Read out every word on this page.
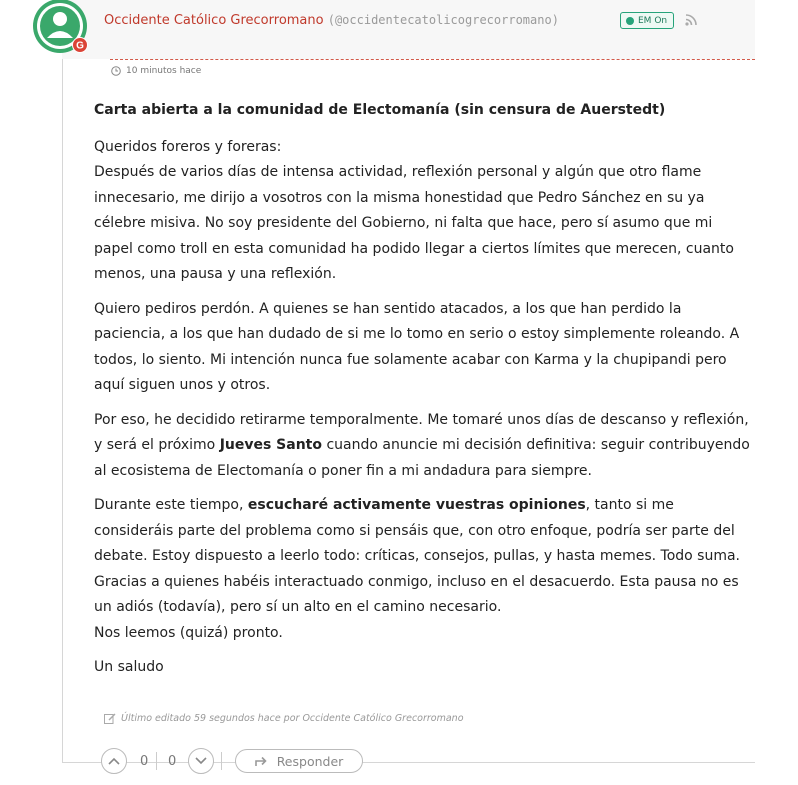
G
Occidente Católico Grecorromano (@occidentecatolicogrecorromano)	EM On
10 minutos hace

Carta abierta a la comunidad de Electomanía (sin censura de Auerstedt)

Queridos foreros y foreras:
Después de varios días de intensa actividad, reflexión personal y algún que otro flame innecesario, me dirijo a vosotros con la misma honestidad que Pedro Sánchez en su ya célebre misiva. No soy presidente del Gobierno, ni falta que hace, pero sí asumo que mi papel como troll en esta comunidad ha podido llegar a ciertos límites que merecen, cuanto menos, una pausa y una reflexión.

Quiero pediros perdón. A quienes se han sentido atacados, a los que han perdido la paciencia, a los que han dudado de si me lo tomo en serio o estoy simplemente roleando. A todos, lo siento. Mi intención nunca fue solamente acabar con Karma y la chupipandi pero aquí siguen unos y otros.

Por eso, he decidido retirarme temporalmente. Me tomaré unos días de descanso y reflexión, y será el próximo Jueves Santo cuando anuncie mi decisión definitiva: seguir contribuyendo al ecosistema de Electomanía o poner fin a mi andadura para siempre.

Durante este tiempo, escucharé activamente vuestras opiniones, tanto si me consideráis parte del problema como si pensáis que, con otro enfoque, podría ser parte del debate. Estoy dispuesto a leerlo todo: críticas, consejos, pullas, y hasta memes. Todo suma.
Gracias a quienes habéis interactuado conmigo, incluso en el desacuerdo. Esta pausa no es un adiós (todavía), pero sí un alto en el camino necesario.
Nos leemos (quizá) pronto.

Un saludo

Último editado 59 segundos hace por Occidente Católico Grecorromano
0 0	Responder
